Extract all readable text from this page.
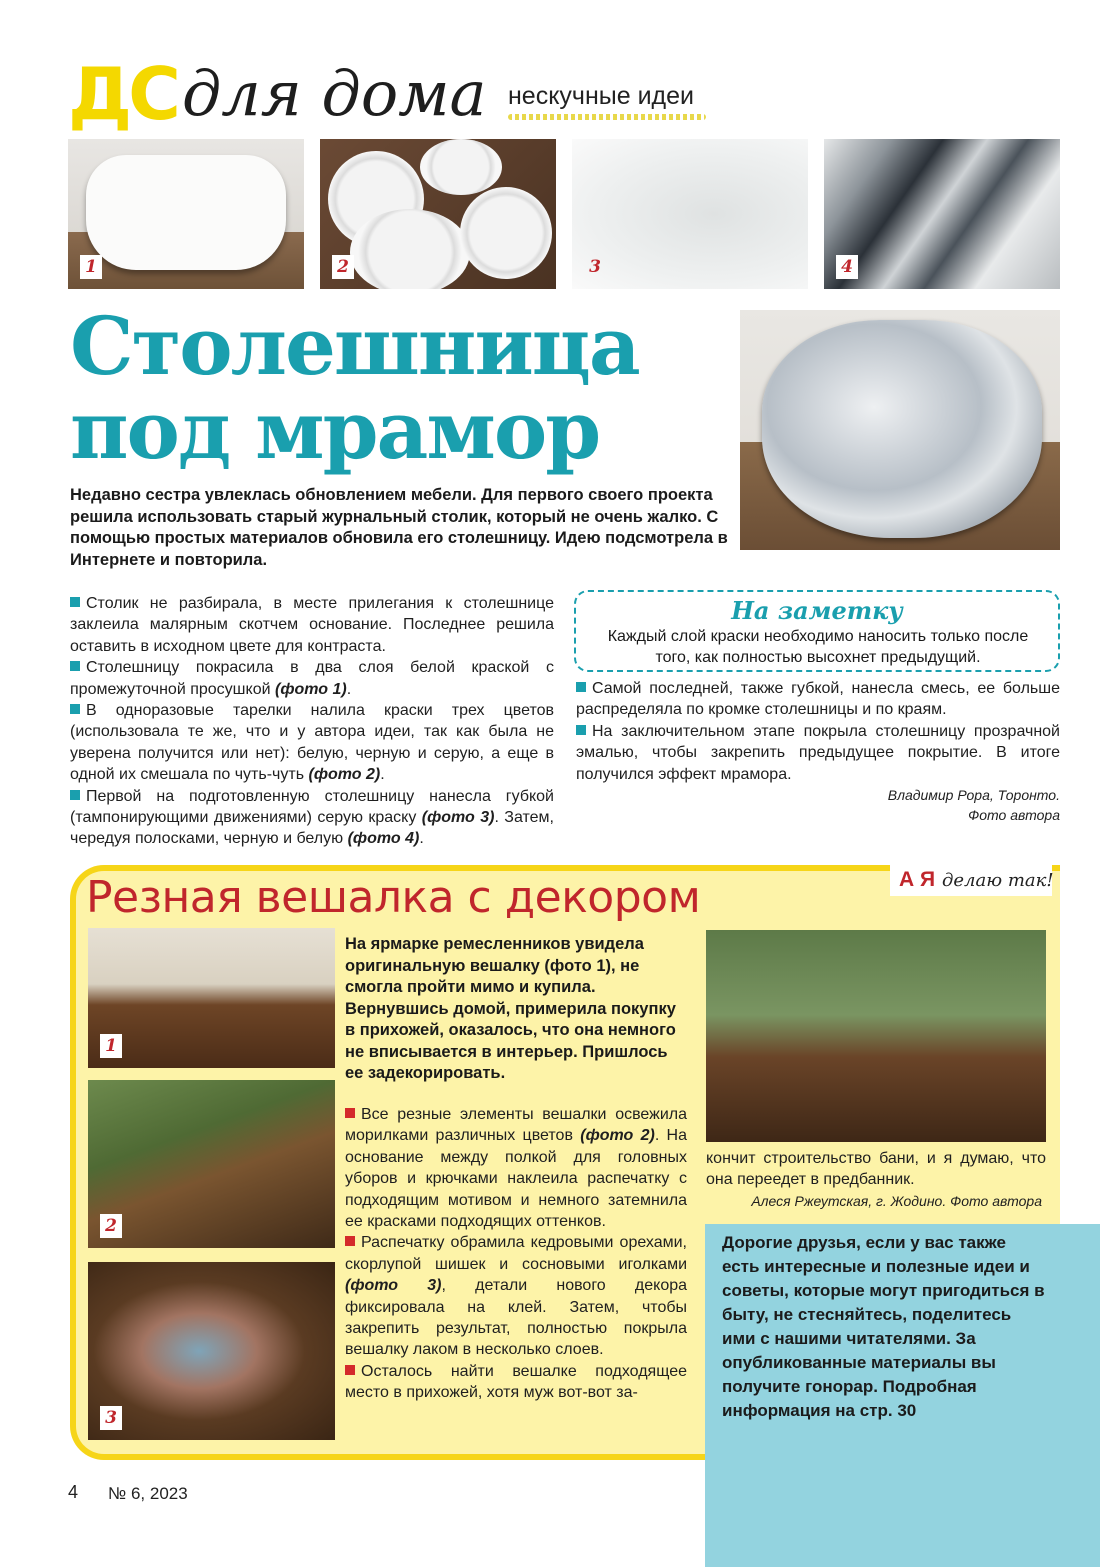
ДС для дома нескучные идеи
1	2	3	4
Столешница
под мрамор
Недавно сестра увлеклась обновлением мебели. Для первого своего проекта решила использовать старый журнальный столик, который не очень жалко. С помощью простых материалов обновила его столешницу. Идею подсмотрела в Интернете и повторила.

Столик не разбирала, в месте прилегания к столешнице заклеила малярным скотчем основание. Последнее решила оставить в исходном цвете для контраста.

Столешницу покрасила в два слоя белой краской с промежуточной просушкой (фото 1).

В одноразовые тарелки налила краски трех цветов (использовала те же, что и у автора идеи, так как была не уверена получится или нет): белую, черную и серую, а еще в одной их смешала по чуть-чуть (фото 2).

Первой на подготовленную столешницу нанесла губкой (тампонирующими движениями) серую краску (фото 3). Затем, чередуя полосками, черную и белую (фото 4).

На заметку
Каждый слой краски необходимо наносить только после того, как полностью высохнет предыдущий.

Самой последней, также губкой, нанесла смесь, ее больше распределяла по кромке столешницы и по краям.

На заключительном этапе покрыла столешницу прозрачной эмалью, чтобы закрепить предыдущее покрытие. В итоге получился эффект мрамора.

Владимир Рора, Торонто.
Фото автора
Резная вешалка с декором	А Я делаю так!
1
2
3
На ярмарке ремесленников увидела оригинальную вешалку (фото 1), не смогла пройти мимо и купила. Вернувшись домой, примерила покупку в прихожей, оказалось, что она немного не вписывается в интерьер. Пришлось ее задекорировать.

Все резные элементы вешалки освежила морилками различных цветов (фото 2). На основание между полкой для головных уборов и крючками наклеила распечатку с подходящим мотивом и немного затемнила ее красками подходящих оттенков.

Распечатку обрамила кедровыми орехами, скорлупой шишек и сосновыми иголками (фото 3), детали нового декора фиксировала на клей. Затем, чтобы закрепить результат, полностью покрыла вешалку лаком в несколько слоев.

Осталось найти вешалке подходящее место в прихожей, хотя муж вот-вот за-

кончит строительство бани, и я думаю, что она переедет в предбанник.
Алеся Ржеутская, г. Жодино. Фото автора
Дорогие друзья, если у вас также есть интересные и полезные идеи и советы, которые могут пригодиться в быту, не стесняйтесь, поделитесь ими с нашими читателями. За опубликованные материалы вы получите гонорар. Подробная информация на стр. 30
4 № 6, 2023
